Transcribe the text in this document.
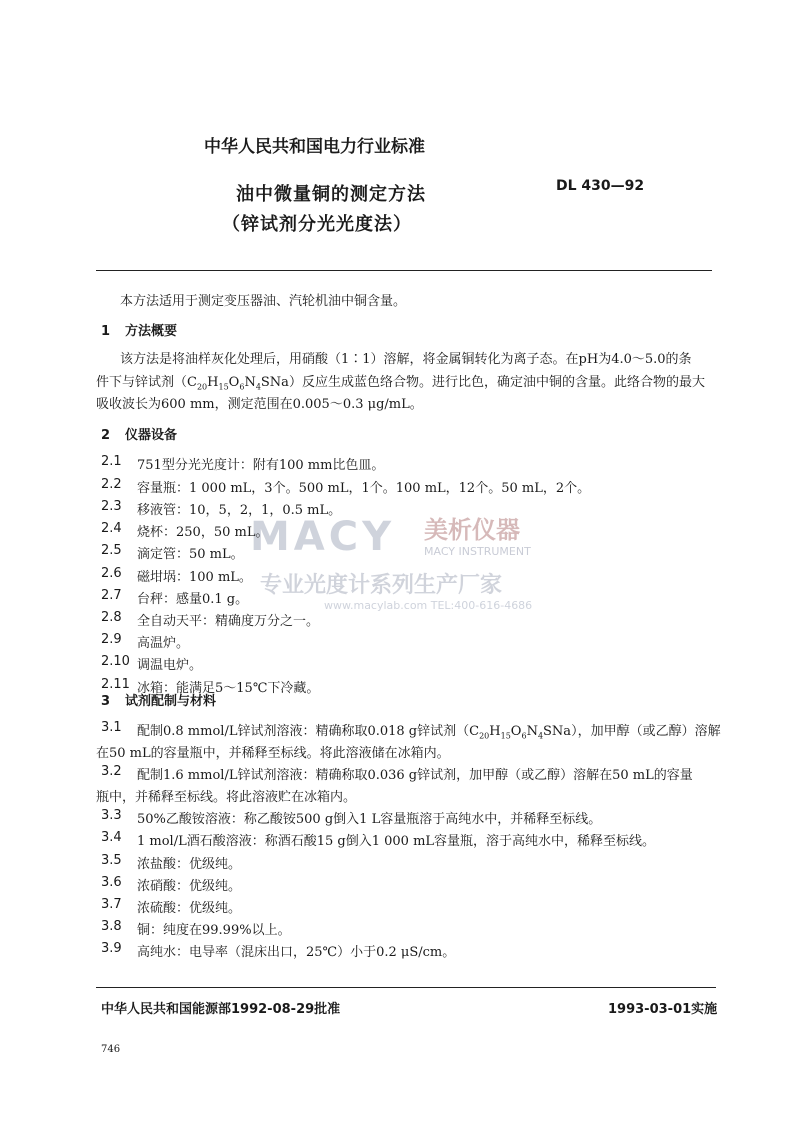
中华人民共和国电力行业标准
油中微量铜的测定方法
（锌试剂分光光度法）
DL 430—92
MACY 美析仪器
MACY INSTRUMENT
专业光度计系列生产厂家
www.macylab.com TEL:400-616-4686
本方法适用于测定变压器油、汽轮机油中铜含量。
1 方法概要
该方法是将油样灰化处理后，用硝酸（1∶1）溶解，将金属铜转化为离子态。在pH为4.0～5.0的条
件下与锌试剂$(C_{20}H_{15}O_6N_4SNa)$反应生成蓝色络合物。进行比色，确定油中铜的含量。此络合物的最大
吸收波长为600 mm，测定范围在0.005～0.3 μg/mL。
2 仪器设备
2.1 751型分光光度计：附有100 mm比色皿。
2.2 容量瓶：1 000 mL，3个。500 mL，1个。100 mL，12个。50 mL，2个。
2.3 移液管：10，5，2，1，0.5 mL。
2.4 烧杯：250，50 mL。
2.5 滴定管：50 mL。
2.6 磁坩埚：100 mL。
2.7 台秤：感量0.1 g。
2.8 全自动天平：精确度万分之一。
2.9 高温炉。
2.10 调温电炉。
2.11 冰箱：能满足5～15℃下冷藏。
3 试剂配制与材料
3.1 配制0.8 mmol/L锌试剂溶液：精确称取0.018 g锌试剂$(C_{20}H_{15}O_6N_4SNa)$，加甲醇（或乙醇）溶解
在50 mL的容量瓶中，并稀释至标线。将此溶液储在冰箱内。
3.2 配制1.6 mmol/L锌试剂溶液：精确称取0.036 g锌试剂，加甲醇（或乙醇）溶解在50 mL的容量
瓶中，并稀释至标线。将此溶液贮在冰箱内。
3.3 50%乙酸铵溶液：称乙酸铵500 g倒入1 L容量瓶溶于高纯水中，并稀释至标线。
3.4 1 mol/L酒石酸溶液：称酒石酸15 g倒入1 000 mL容量瓶，溶于高纯水中，稀释至标线。
3.5 浓盐酸：优级纯。
3.6 浓硝酸：优级纯。
3.7 浓硫酸：优级纯。
3.8 铜：纯度在99.99%以上。
3.9 高纯水：电导率（混床出口，25℃）小于0.2 μS/cm。
中华人民共和国能源部1992-08-29批准	1993-03-01实施
746
